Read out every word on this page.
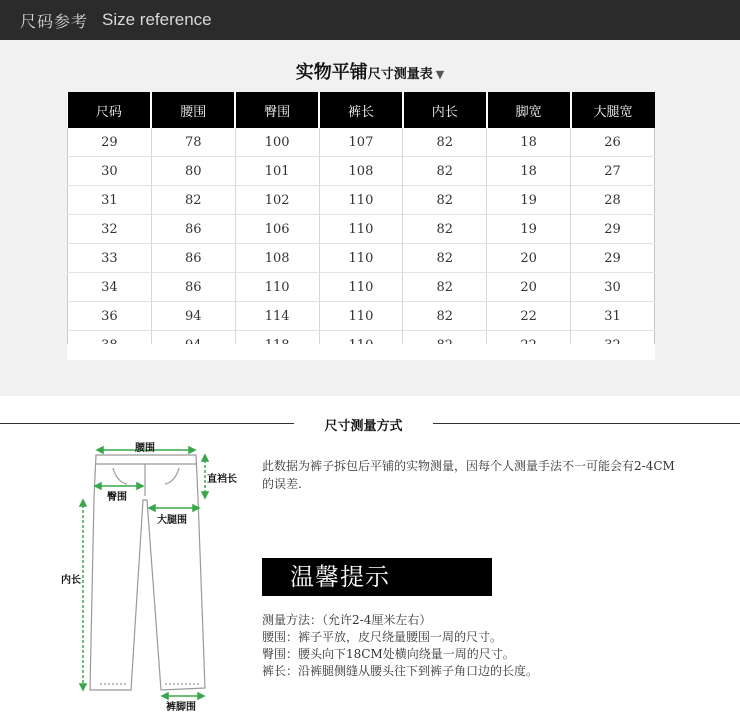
尺码参考 Size reference
实物平铺尺寸测量表 ▼
尺码	腰围	臀围	裤长	内长	脚宽	大腿宽
29	78	100	107	82	18	26
30	80	101	108	82	18	27
31	82	102	110	82	19	28
32	86	106	110	82	19	29
33	86	108	110	82	20	29
34	86	110	110	82	20	30
36	94	114	110	82	22	31

尺寸测量方式
腰围
直裆长
臀围
大腿围
内长
裤脚围
此数据为裤子拆包后平铺的实物测量，因每个人测量手法不一可能会有2-4CM的误差.
温馨提示
测量方法：（允许2-4厘米左右）
腰围：裤子平放，皮尺绕量腰围一周的尺寸。
臀围：腰头向下18CM处横向绕量一周的尺寸。
裤长：沿裤腿侧缝从腰头往下到裤子角口边的长度。
